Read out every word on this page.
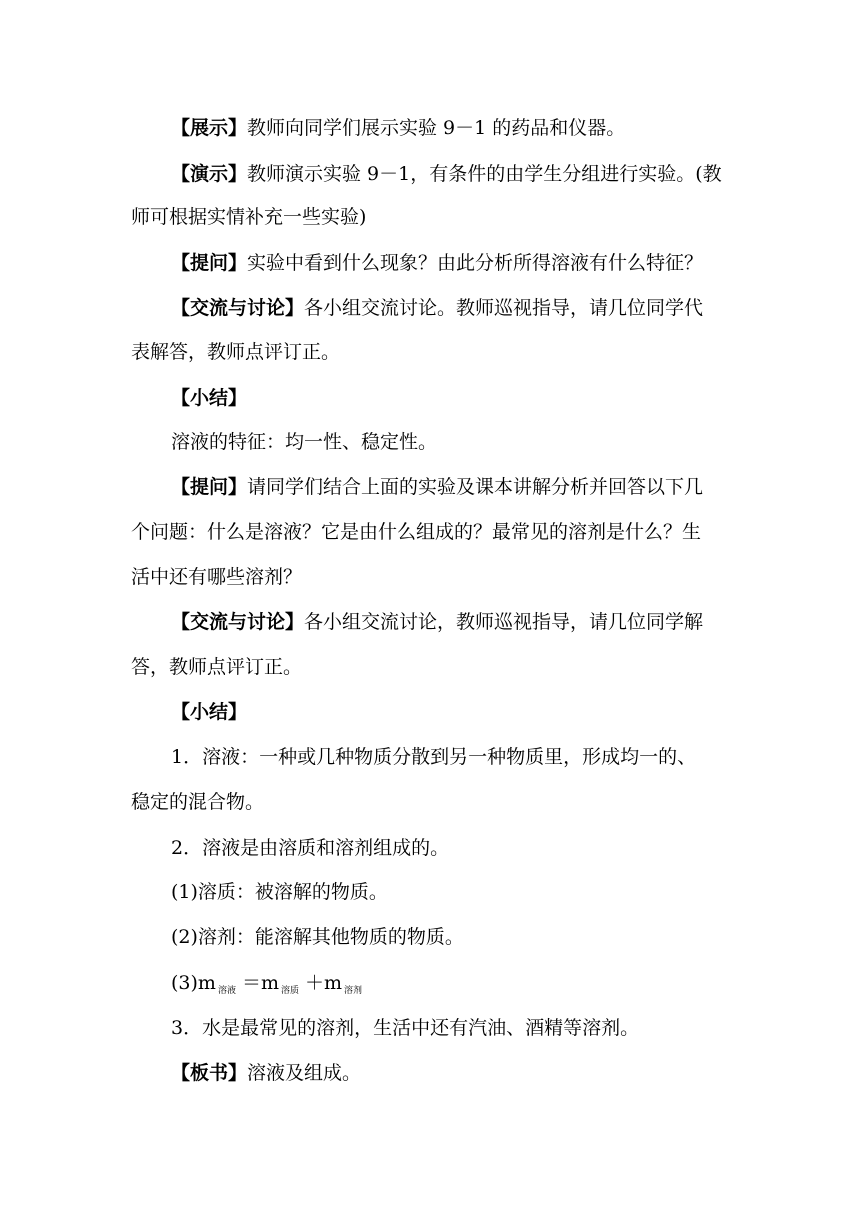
【展示】教师向同学们展示实验 9－1 的药品和仪器。
【演示】教师演示实验 9－1，有条件的由学生分组进行实验。(教
师可根据实情补充一些实验)
【提问】实验中看到什么现象？由此分析所得溶液有什么特征？
【交流与讨论】各小组交流讨论。教师巡视指导，请几位同学代
表解答，教师点评订正。
【小结】
溶液的特征：均一性、稳定性。
【提问】请同学们结合上面的实验及课本讲解分析并回答以下几
个问题：什么是溶液？它是由什么组成的？最常见的溶剂是什么？生
活中还有哪些溶剂？
【交流与讨论】各小组交流讨论，教师巡视指导，请几位同学解
答，教师点评订正。
【小结】
1．溶液：一种或几种物质分散到另一种物质里，形成均一的、
稳定的混合物。
2．溶液是由溶质和溶剂组成的。
(1)溶质：被溶解的物质。
(2)溶剂：能溶解其他物质的物质。
(3)m $_{溶液}$ ＝m $_{溶质}$ ＋m $_{溶剂}$
3．水是最常见的溶剂，生活中还有汽油、酒精等溶剂。
【板书】溶液及组成。
